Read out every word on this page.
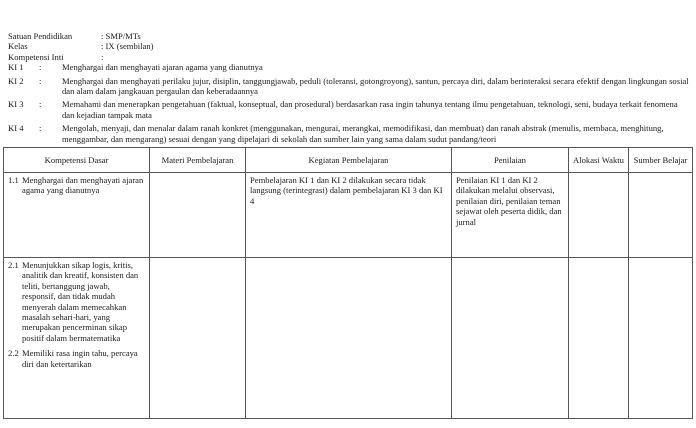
Satuan Pendidikan	: SMP/MTs
Kelas	: IX (sembilan)
Kompetensi Inti	:
KI 1 : Menghargai dan menghayati ajaran agama yang dianutnya
KI 2 : Menghargai dan menghayati perilaku jujur, disiplin, tanggungjawab, peduli (toleransi, gotongroyong), santun, percaya diri, dalam berinteraksi secara efektif dengan lingkungan sosial dan alam dalam jangkauan pergaulan dan keberadaannya
KI 3 : Memahami dan menerapkan pengetahuan (faktual, konseptual, dan prosedural) berdasarkan rasa ingin tahunya tentang ilmu pengetahuan, teknologi, seni, budaya terkait fenomena dan kejadian tampak mata
KI 4 : Mengolah, menyaji, dan menalar dalam ranah konkret (menggunakan, mengurai, merangkai, memodifikasi, dan membuat) dan ranah abstrak (menulis, membaca, menghitung, menggambar, dan mengarang) sesuai dengan yang dipelajari di sekolah dan sumber lain yang sama dalam sudut pandang/teori
Kompetensi Dasar	Materi Pembelajaran	Kegiatan Pembelajaran	Penilaian	Alokasi Waktu	Sumber Belajar

1.1 Menghargai dan menghayati ajaran agama yang dianutnya		Pembelajaran KI 1 dan KI 2 dilakukan secara tidak langsung (terintegrasi) dalam pembelajaran KI 3 dan KI 4	Penilaian KI 1 dan KI 2 dilakukan melalui observasi, penilaian diri, penilaian teman sejawat oleh peserta didik, dan jurnal		

2.1 Menunjukkan sikap logis, kritis, analitik dan kreatif, konsisten dan teliti, bertanggung jawab, responsif, dan tidak mudah menyerah dalam memecahkan masalah sehari-hari, yang merupakan pencerminan sikap positif dalam bermatematika
2.2 Memiliki rasa ingin tahu, percaya diri dan ketertarikan					
